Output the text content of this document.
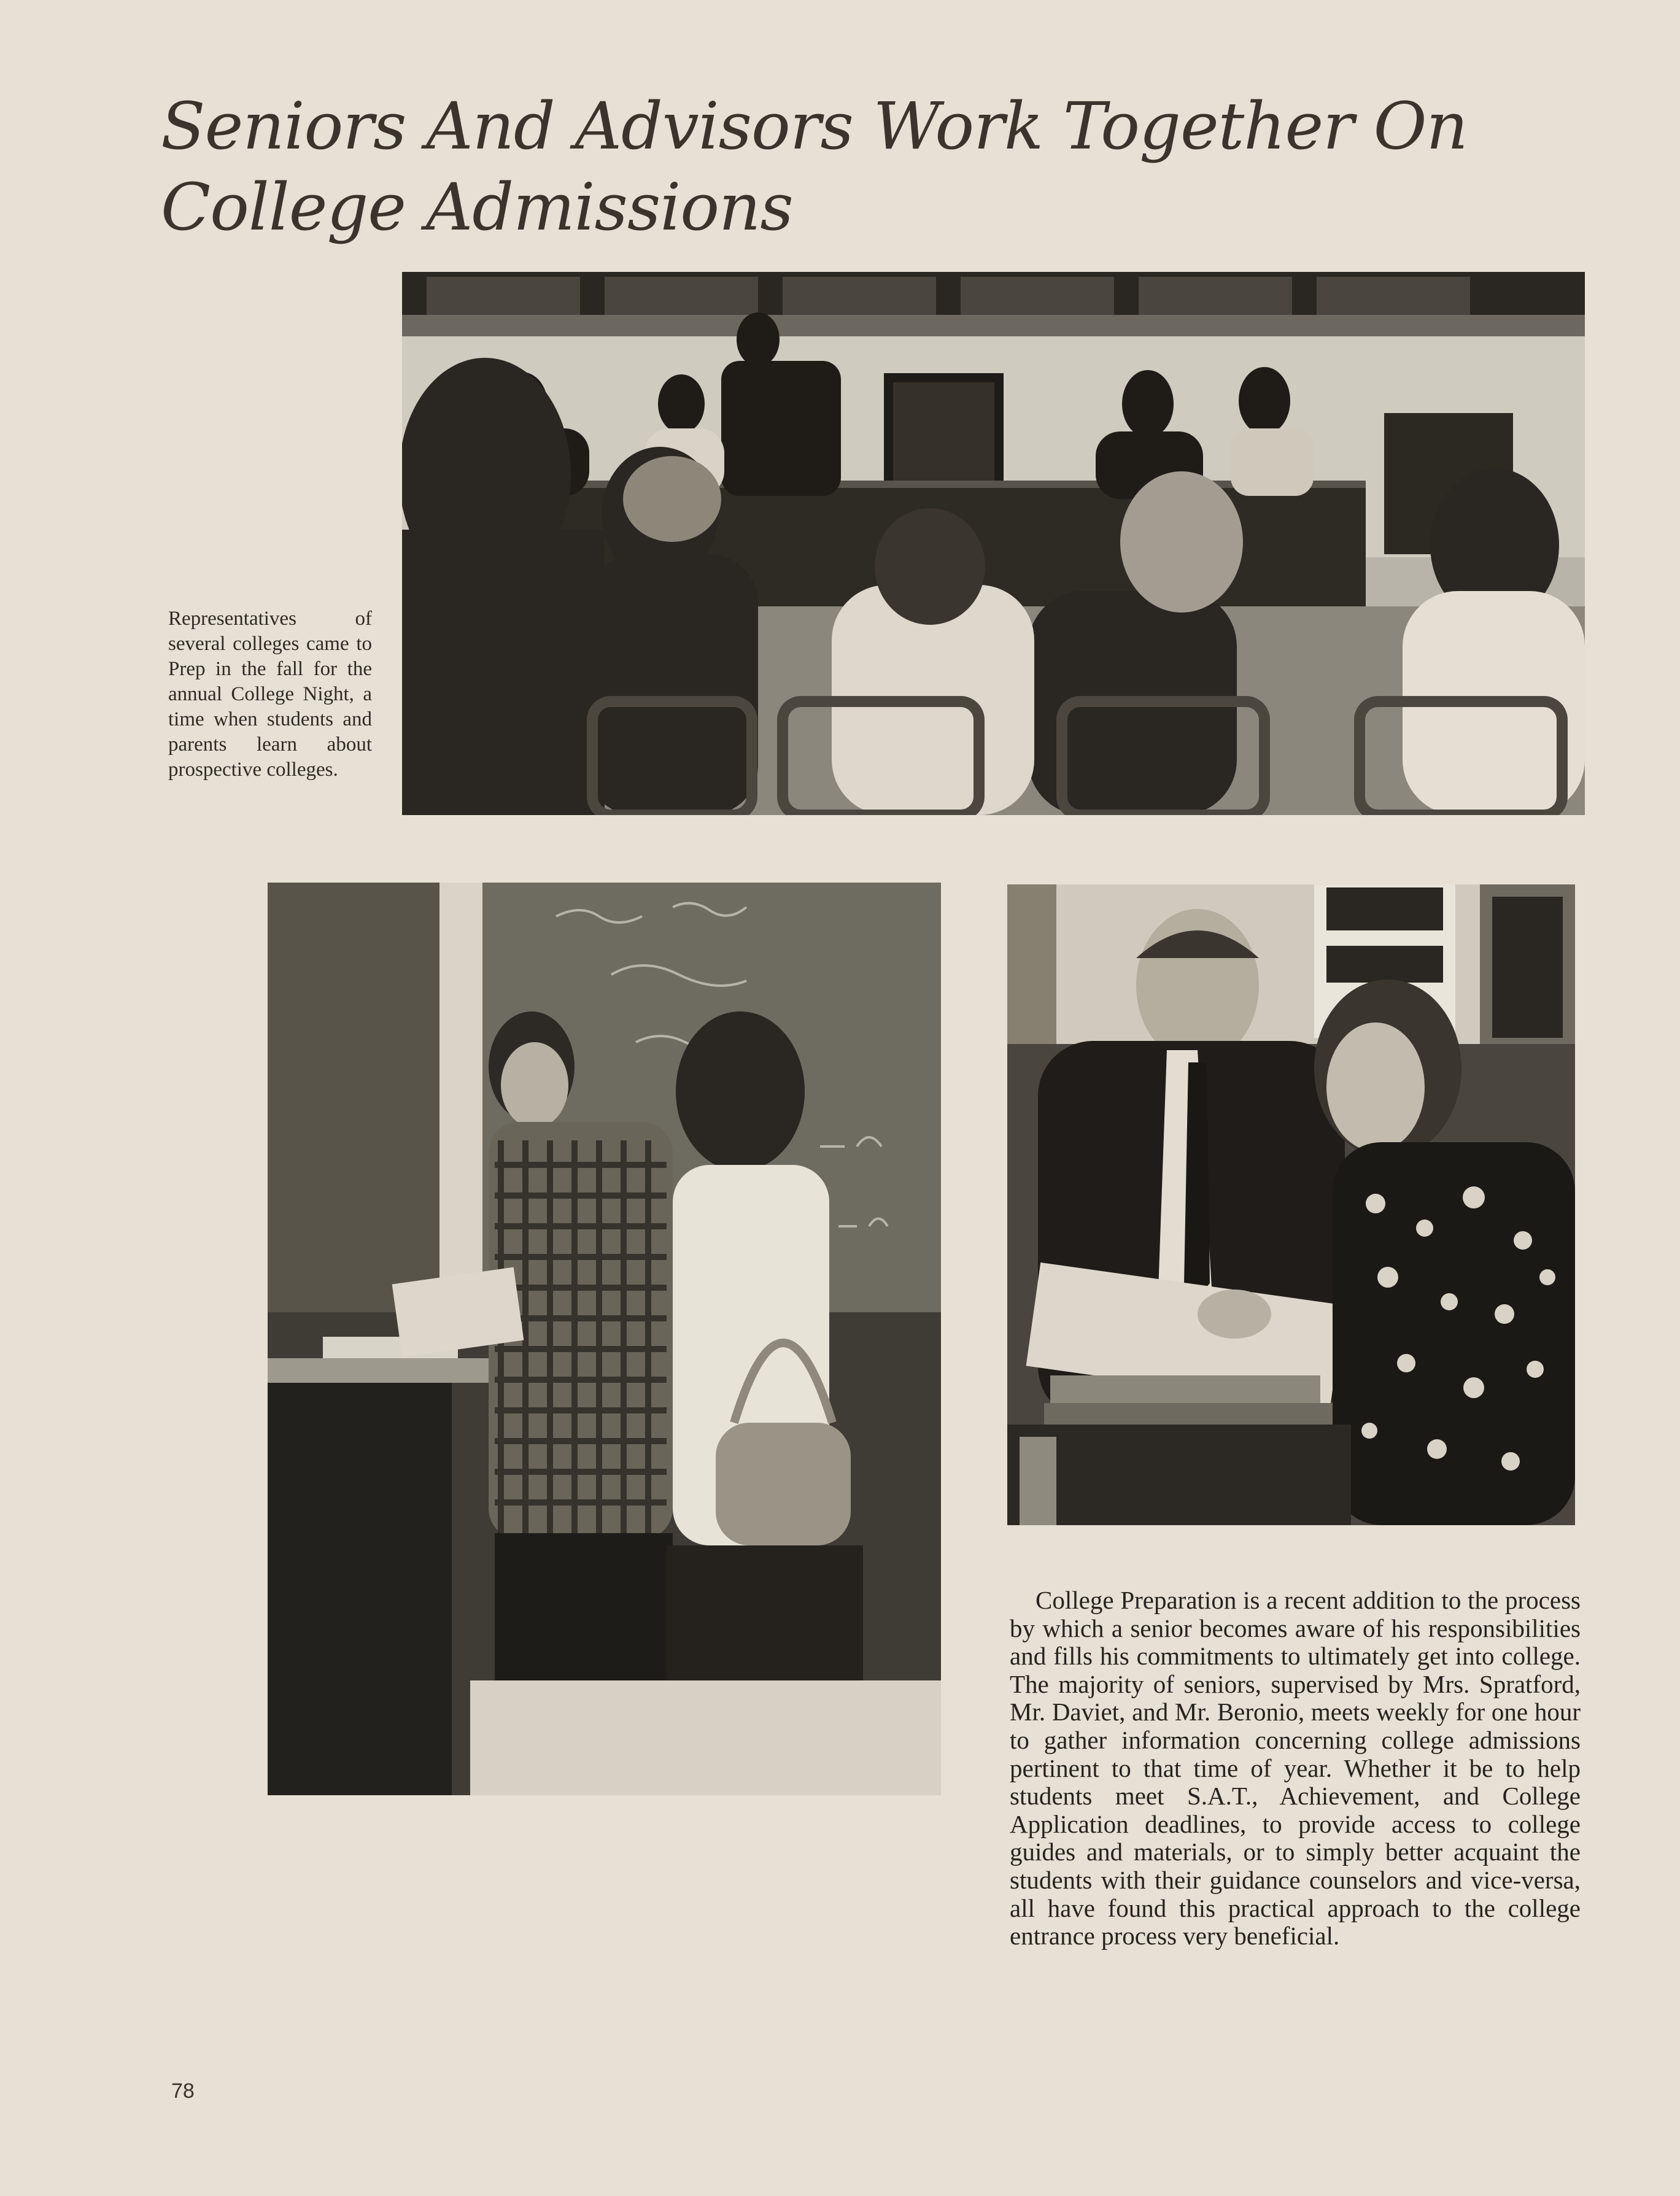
Seniors And Advisors Work Together On College Admissions

Representatives of several colleges came to Prep in the fall for the annual College Night, a time when students and parents learn about prospective colleges.

College Preparation is a recent addition to the process by which a senior becomes aware of his responsibilities and fills his commitments to ultimately get into college. The majority of seniors, supervised by Mrs. Spratford, Mr. Daviet, and Mr. Beronio, meets weekly for one hour to gather information concerning college admissions pertinent to that time of year. Whether it be to help students meet S.A.T., Achievement, and College Application deadlines, to provide access to college guides and materials, or to simply better acquaint the students with their guidance counselors and vice-versa, all have found this practical approach to the college entrance process very beneficial.
78
